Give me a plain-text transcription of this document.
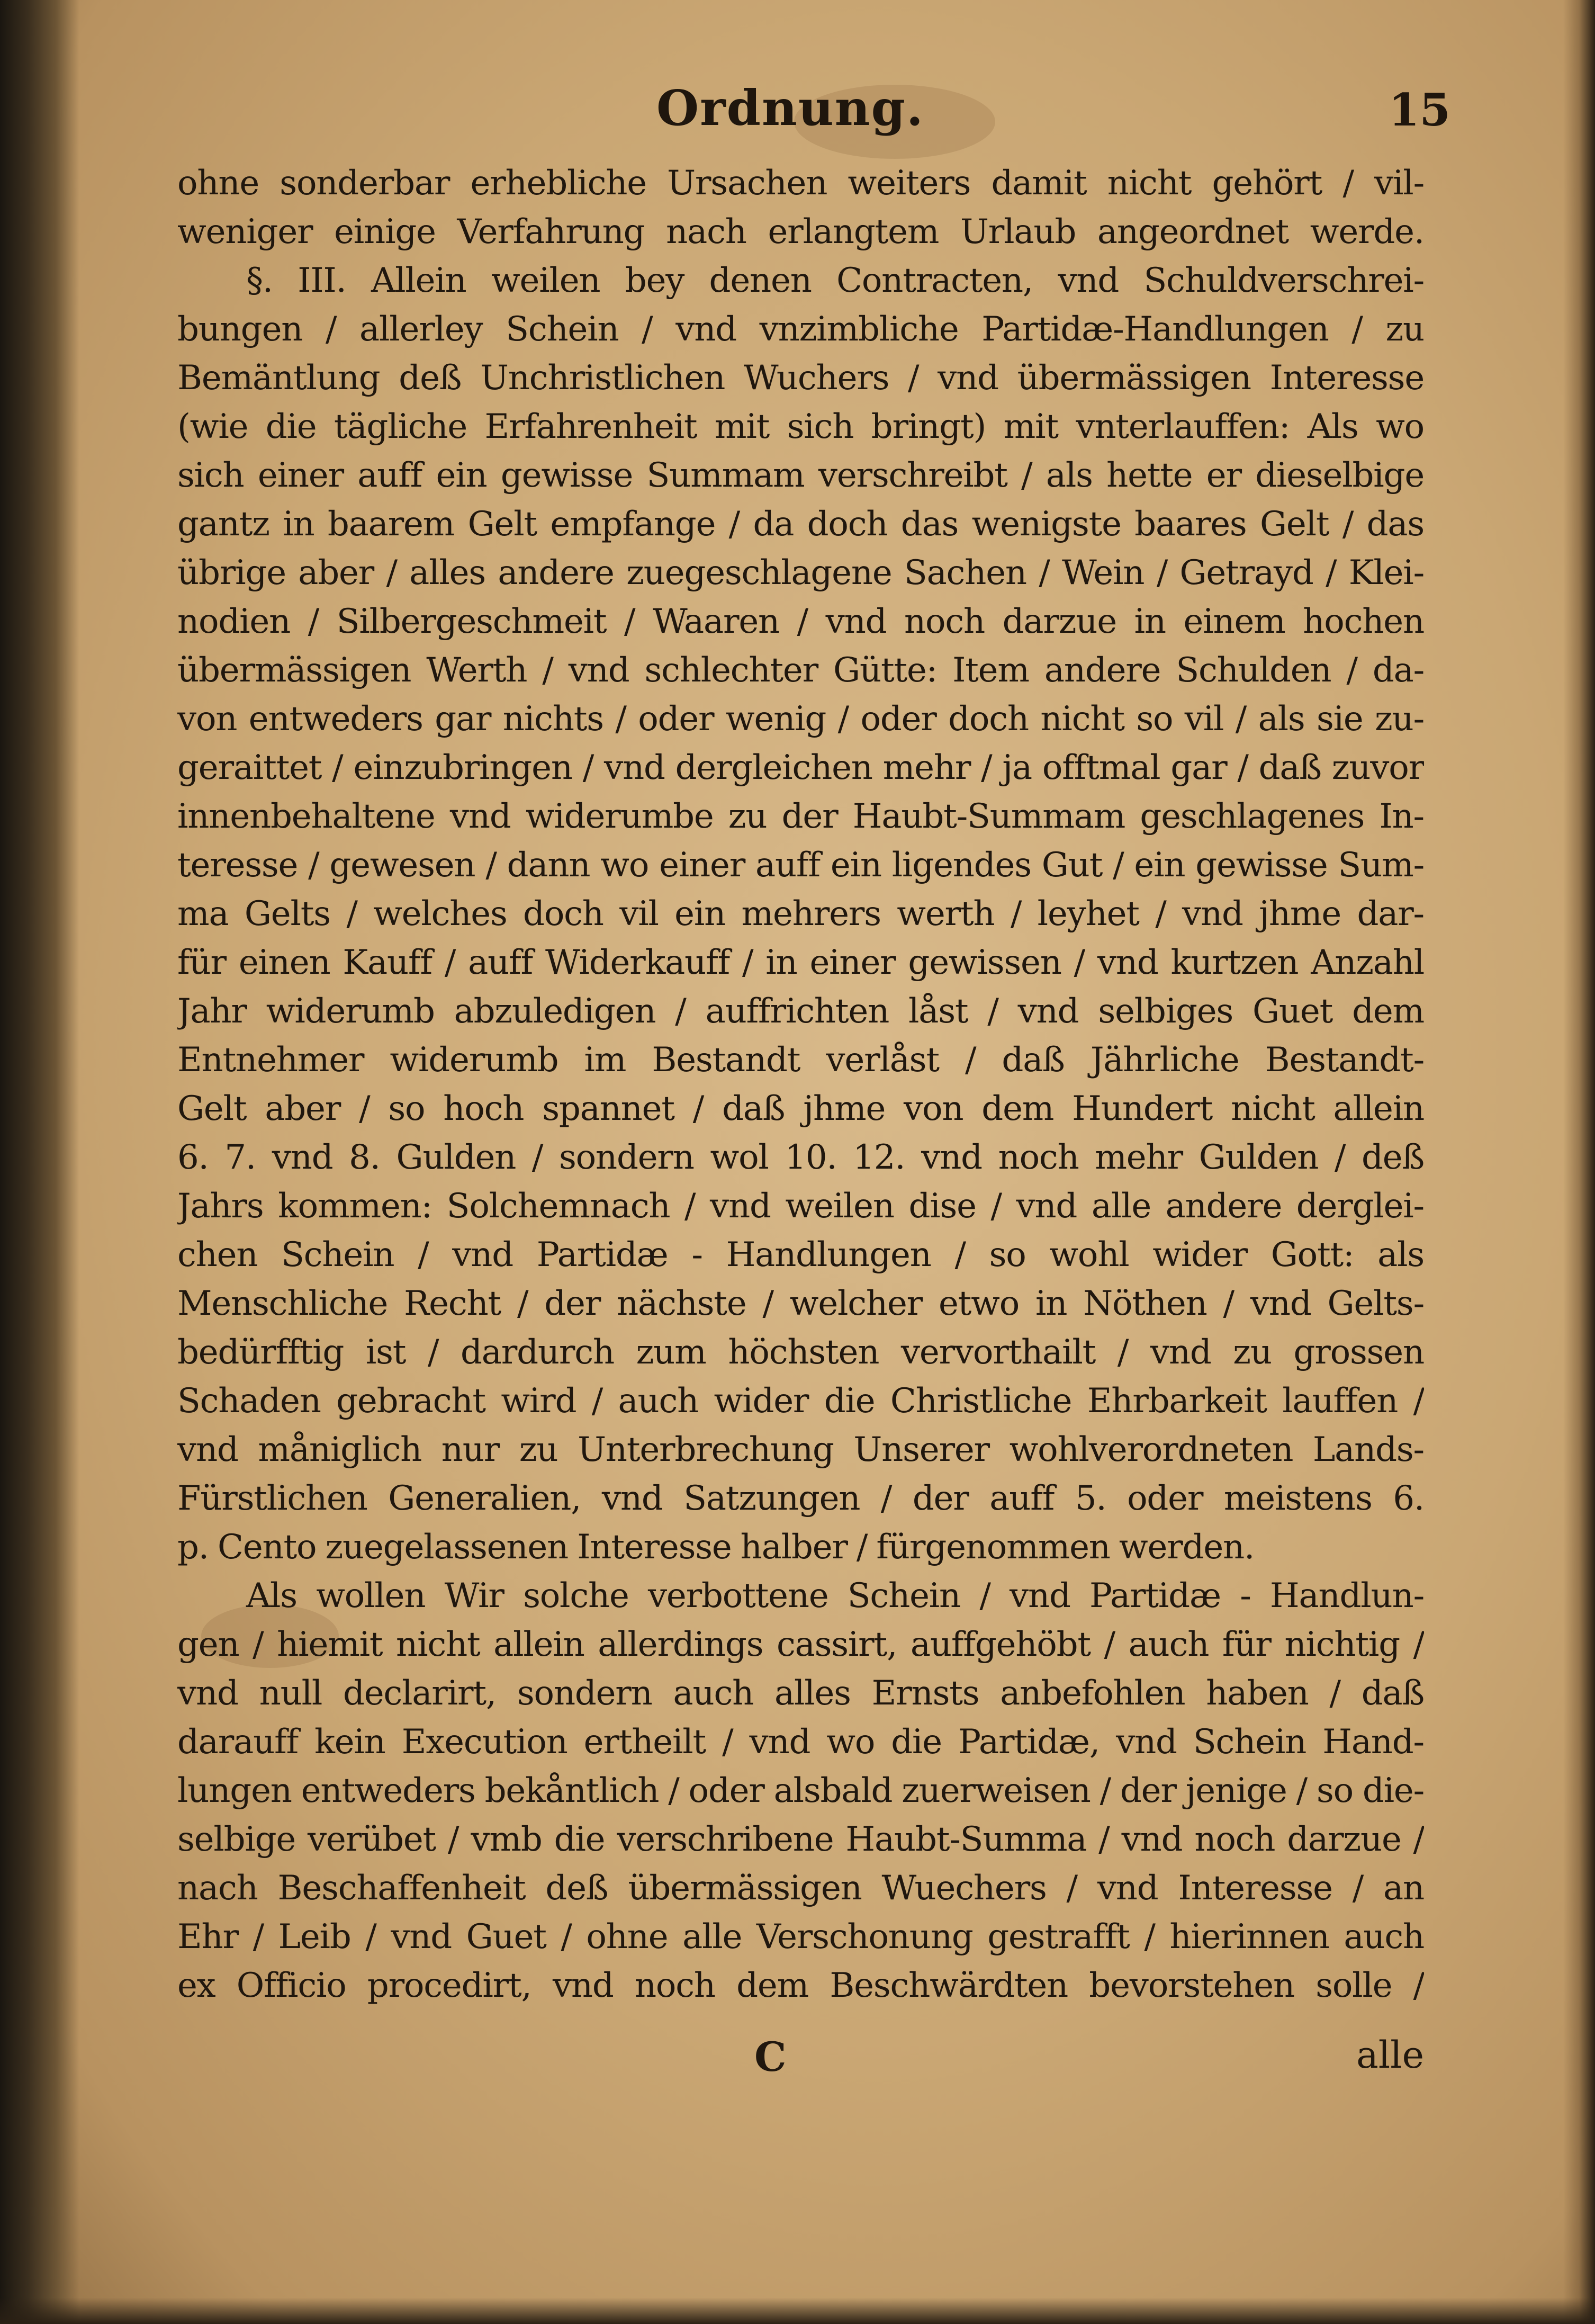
Ordnung.	15
ohne sonderbar erhebliche Ursachen weiters damit nicht gehört / vil-
weniger einige Verfahrung nach erlangtem Urlaub angeordnet werde.
§. III. Allein weilen bey denen Contracten, vnd Schuldverschrei-
bungen / allerley Schein / vnd vnzimbliche Partidæ-Handlungen / zu
Bemäntlung deß Unchristlichen Wuchers / vnd übermässigen Interesse
(wie die tägliche Erfahrenheit mit sich bringt) mit vnterlauffen: Als wo
sich einer auff ein gewisse Summam verschreibt / als hette er dieselbige
gantz in baarem Gelt empfange / da doch das wenigste baares Gelt / das
übrige aber / alles andere zuegeschlagene Sachen / Wein / Getrayd / Klei-
nodien / Silbergeschmeit / Waaren / vnd noch darzue in einem hochen
übermässigen Werth / vnd schlechter Gütte: Item andere Schulden / da-
von entweders gar nichts / oder wenig / oder doch nicht so vil / als sie zu-
geraittet / einzubringen / vnd dergleichen mehr / ja offtmal gar / daß zuvor
innenbehaltene vnd widerumbe zu der Haubt-Summam geschlagenes In-
teresse / gewesen / dann wo einer auff ein ligendes Gut / ein gewisse Sum-
ma Gelts / welches doch vil ein mehrers werth / leyhet / vnd jhme dar-
für einen Kauff / auff Widerkauff / in einer gewissen / vnd kurtzen Anzahl
Jahr widerumb abzuledigen / auffrichten låst / vnd selbiges Guet dem
Entnehmer widerumb im Bestandt verlåst / daß Jährliche Bestandt-
Gelt aber / so hoch spannet / daß jhme von dem Hundert nicht allein
6. 7. vnd 8. Gulden / sondern wol 10. 12. vnd noch mehr Gulden / deß
Jahrs kommen: Solchemnach / vnd weilen dise / vnd alle andere derglei-
chen Schein / vnd Partidæ - Handlungen / so wohl wider Gott: als
Menschliche Recht / der nächste / welcher etwo in Nöthen / vnd Gelts-
bedürfftig ist / dardurch zum höchsten vervorthailt / vnd zu grossen
Schaden gebracht wird / auch wider die Christliche Ehrbarkeit lauffen /
vnd måniglich nur zu Unterbrechung Unserer wohlverordneten Lands-
Fürstlichen Generalien, vnd Satzungen / der auff 5. oder meistens 6.
p. Cento zuegelassenen Interesse halber / fürgenommen werden.
Als wollen Wir solche verbottene Schein / vnd Partidæ - Handlun-
gen / hiemit nicht allein allerdings cassirt, auffgehöbt / auch für nichtig /
vnd null declarirt, sondern auch alles Ernsts anbefohlen haben / daß
darauff kein Execution ertheilt / vnd wo die Partidæ, vnd Schein Hand-
lungen entweders bekåntlich / oder alsbald zuerweisen / der jenige / so die-
selbige verübet / vmb die verschribene Haubt-Summa / vnd noch darzue /
nach Beschaffenheit deß übermässigen Wuechers / vnd Interesse / an
Ehr / Leib / vnd Guet / ohne alle Verschonung gestrafft / hierinnen auch
ex Officio procedirt, vnd noch dem Beschwärdten bevorstehen solle /
C	alle
